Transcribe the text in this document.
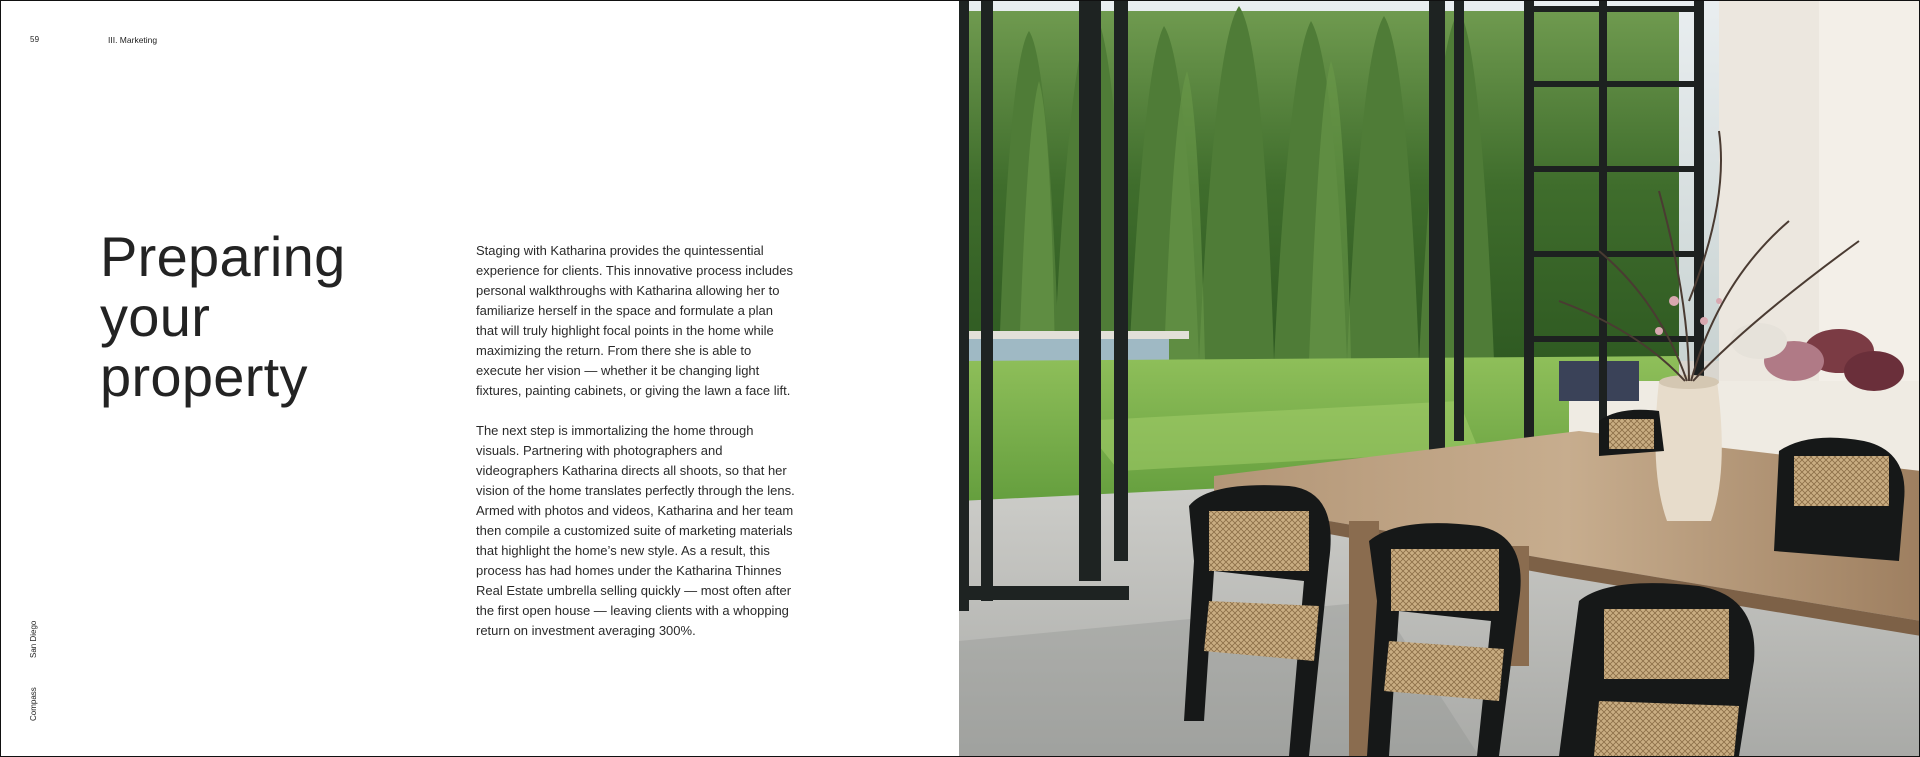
59	III. Marketing
Preparing
your
property

Staging with Katharina provides the quintessential experience for clients. This innovative process includes personal walkthroughs with Katharina allowing her to familiarize herself in the space and formulate a plan that will truly highlight focal points in the home while maximizing the return. From there she is able to execute her vision — whether it be changing light fixtures, painting cabinets, or giving the lawn a face lift.

The next step is immortalizing the home through visuals. Partnering with photographers and videographers Katharina directs all shoots, so that her vision of the home translates perfectly through the lens. Armed with photos and videos, Katharina and her team then compile a customized suite of marketing materials that highlight the home’s new style. As a result, this process has had homes under the Katharina Thinnes Real Estate umbrella selling quickly — most often after the first open house — leaving clients with a whopping return on investment averaging 300%.

San Diego
Compass
